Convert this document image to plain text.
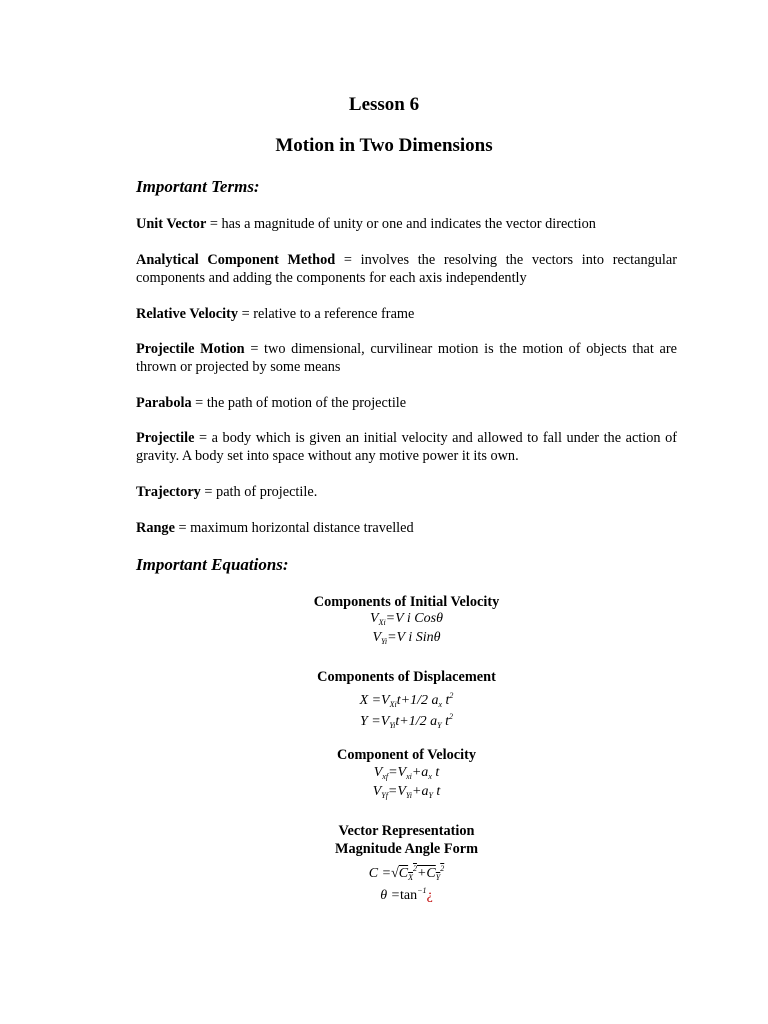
Lesson 6
Motion in Two Dimensions
Important Terms:
Unit Vector = has a magnitude of unity or one and indicates the vector direction
Analytical Component Method = involves the resolving the vectors into rectangular components and adding the components for each axis independently
Relative Velocity = relative to a reference frame
Projectile Motion = two dimensional, curvilinear motion is the motion of objects that are thrown or projected by some means
Parabola = the path of motion of the projectile
Projectile = a body which is given an initial velocity and allowed to fall under the action of gravity. A body set into space without any motive power it its own.
Trajectory = path of projectile.
Range = maximum horizontal distance travelled
Important Equations:
Components of Initial Velocity
$V_{Xi}=V$ i Cosθ
$V_{Yi}=V$ i Sinθ
Components of Displacement
$X =V_{Xi}t+1/2$ $a_x$ $t^2$
$Y =V_{Yi}t+1/2$ $a_Y$ $t^2$
Component of Velocity
$V_{xf}=V_{xi}+a_x$ t
$V_{Yf}=V_{Yi}+a_Y$ t
Vector Representation
Magnitude Angle Form
$C =√C_X^2+C_Y^2$
$\theta =\tan^{-1}¿$
